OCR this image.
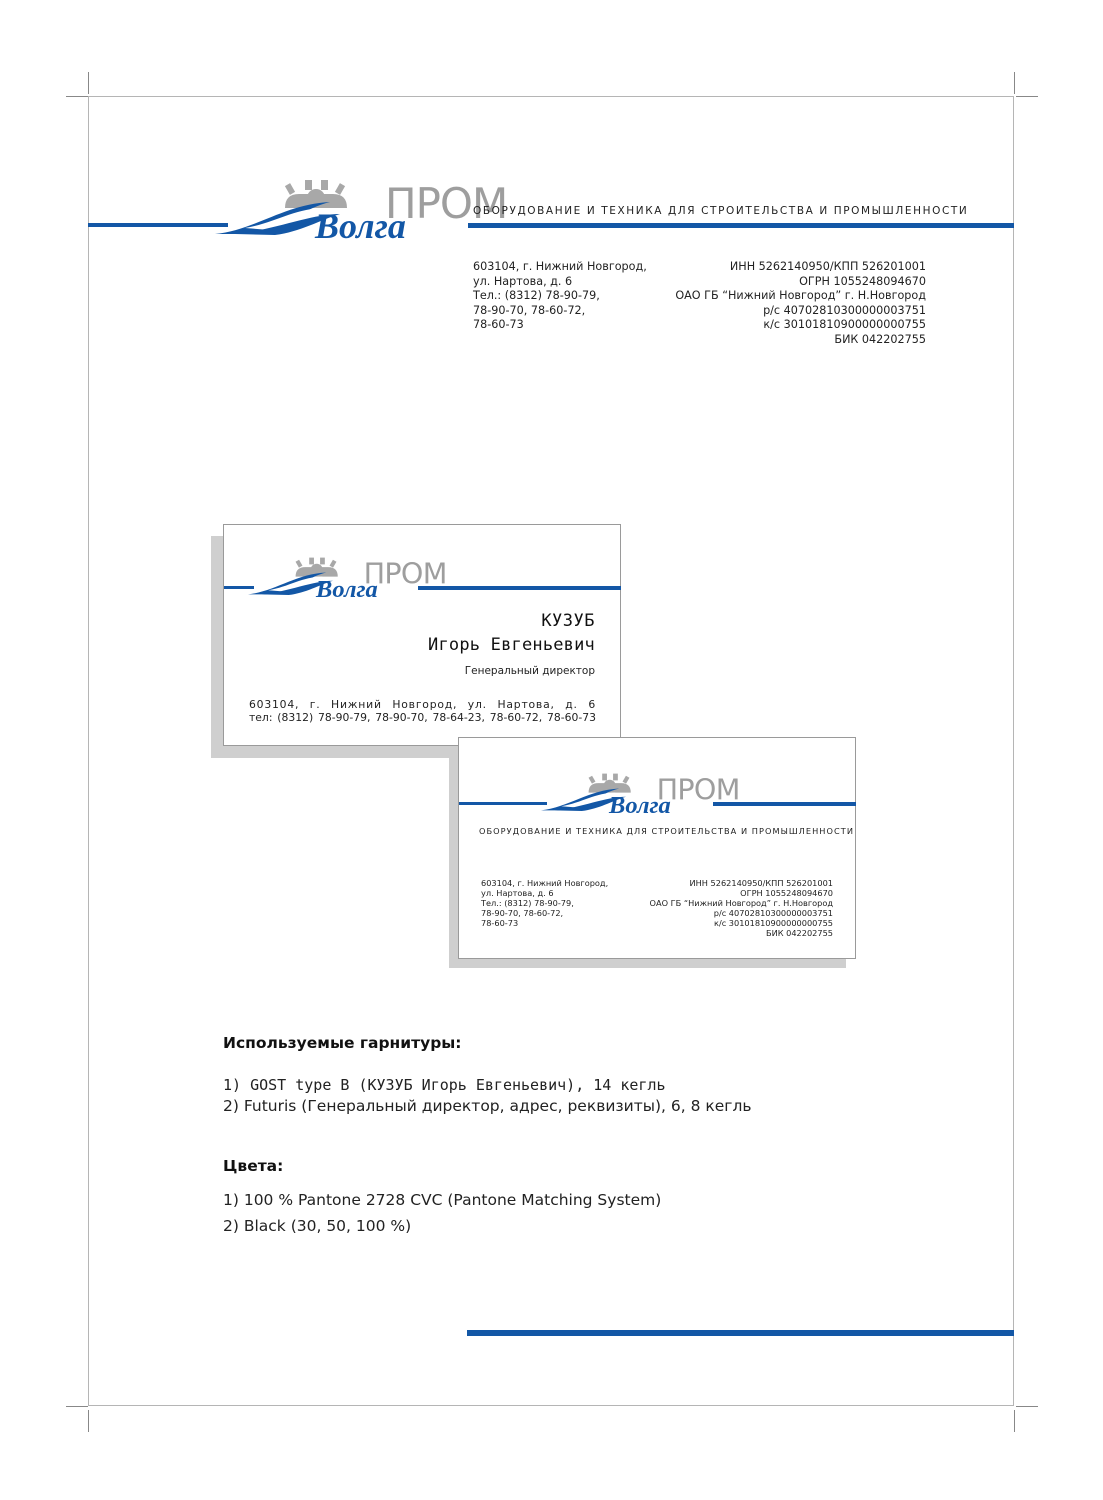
ПРОМ
Волга	ОБОРУДОВАНИЕ И ТЕХНИКА ДЛЯ СТРОИТЕЛЬСТВА И ПРОМЫШЛЕННОСТИ
603104, г. Нижний Новгород,
ул. Нартова, д. 6
Тел.: (8312) 78-90-79,
78-90-70, 78-60-72,
78-60-73
ИНН 5262140950/КПП 526201001
ОГРН 1055248094670
ОАО ГБ “Нижний Новгород” г. Н.Новгород
р/с 40702810300000003751
к/с 30101810900000000755
БИК 042202755
ПРОМ
Волга
КУЗУБ
Игорь Евгеньевич
Генеральный директор
603104, г. Нижний Новгород, ул. Нартова, д. 6
тел: (8312) 78-90-79, 78-90-70, 78-64-23, 78-60-72, 78-60-73
ПРОМ
Волга
ОБОРУДОВАНИЕ И ТЕХНИКА ДЛЯ СТРОИТЕЛЬСТВА И ПРОМЫШЛЕННОСТИ
603104, г. Нижний Новгород,
ул. Нартова, д. 6
Тел.: (8312) 78-90-79,
78-90-70, 78-60-72,
78-60-73
ИНН 5262140950/КПП 526201001
ОГРН 1055248094670
ОАО ГБ “Нижний Новгород” г. Н.Новгород
р/с 40702810300000003751
к/с 30101810900000000755
БИК 042202755
Используемые гарнитуры:
1) GOST type B (КУЗУБ Игорь Евгеньевич), 14 кегль
2) Futuris (Генеральный директор, адрес, реквизиты), 6, 8 кегль
Цвета:
1) 100 % Pantone 2728 CVC (Pantone Matching System)
2) Black (30, 50, 100 %)
